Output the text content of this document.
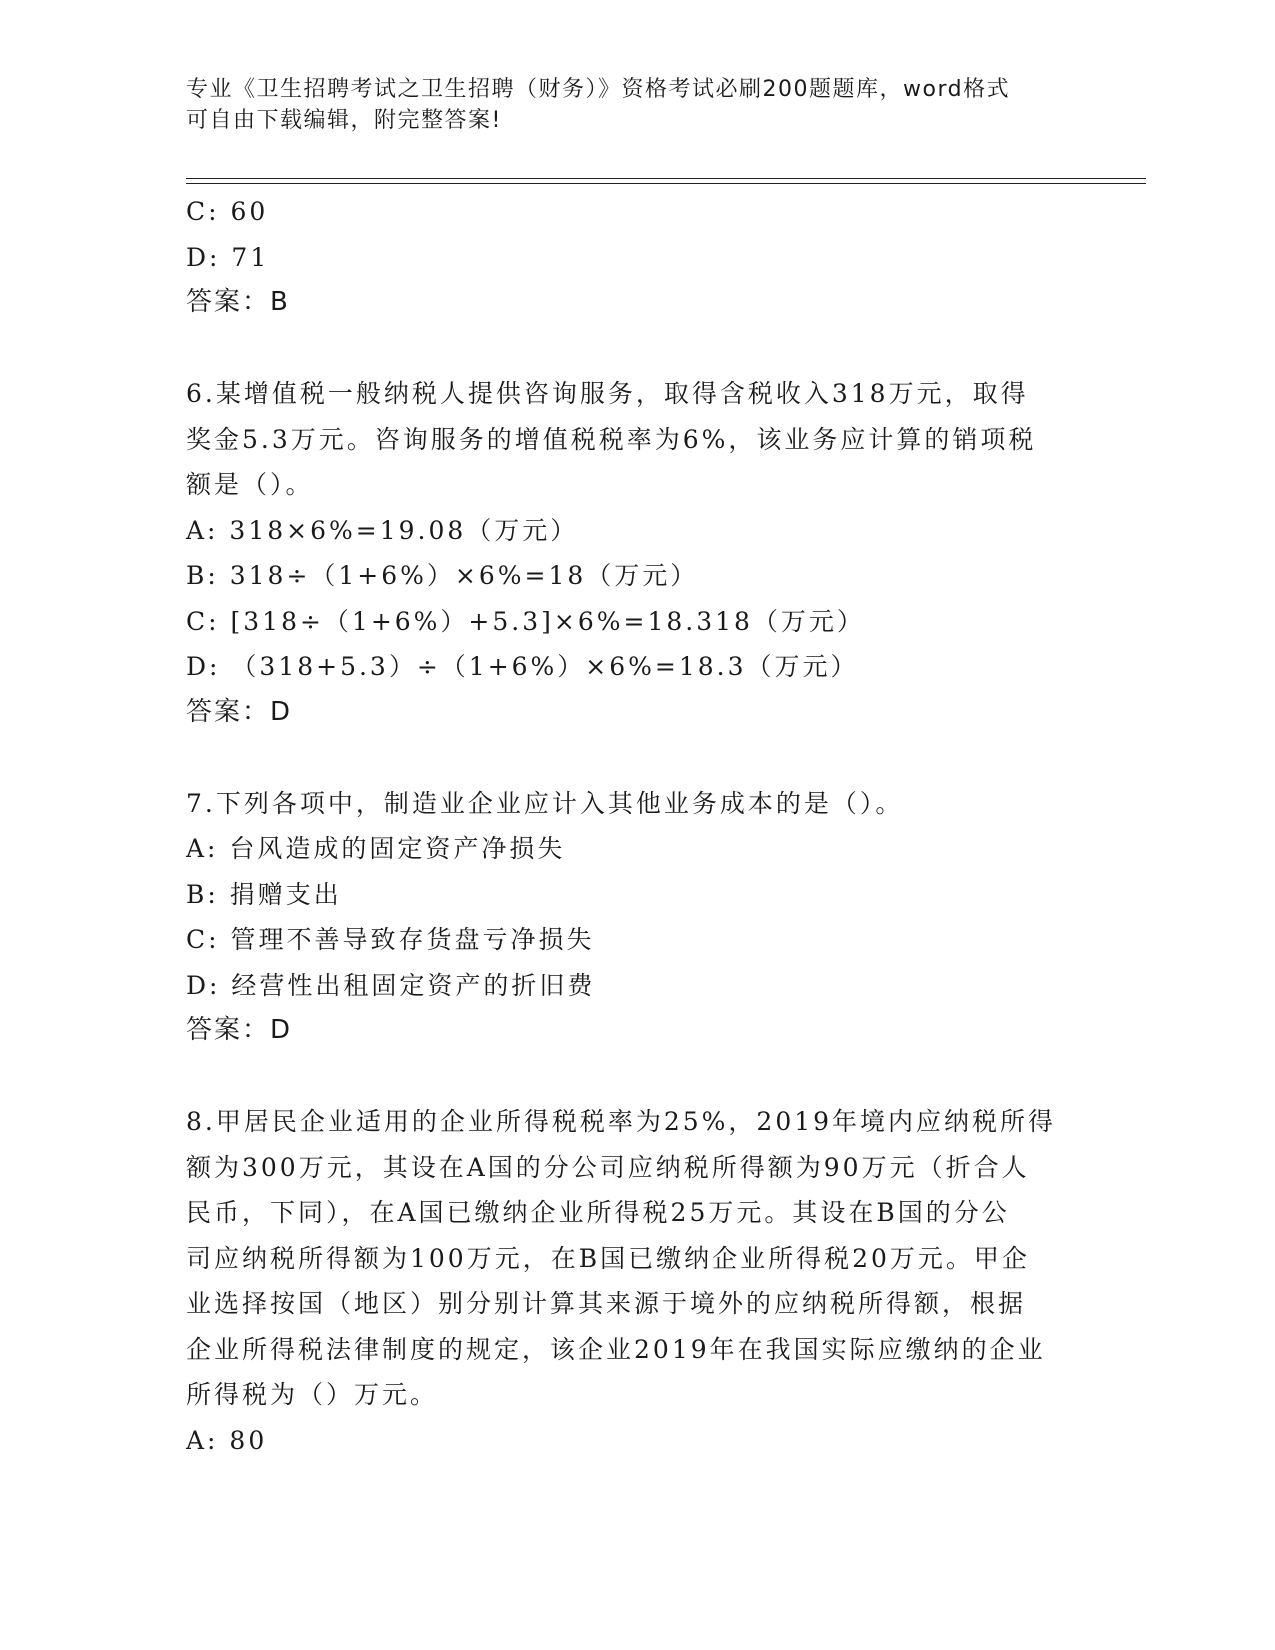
专业《卫生招聘考试之卫生招聘（财务）》资格考试必刷200题题库，word格式
可自由下载编辑，附完整答案!
C: 60
D: 71
答案：B
6.某增值税一般纳税人提供咨询服务，取得含税收入318万元，取得
奖金5.3万元。咨询服务的增值税税率为6%，该业务应计算的销项税
额是（）。
A: 318×6%=19.08（万元）
B: 318÷（1+6%）×6%=18（万元）
C: [318÷（1+6%）+5.3]×6%=18.318（万元）
D: （318+5.3）÷（1+6%）×6%=18.3（万元）
答案：D
7.下列各项中，制造业企业应计入其他业务成本的是（）。
A: 台风造成的固定资产净损失
B: 捐赠支出
C: 管理不善导致存货盘亏净损失
D: 经营性出租固定资产的折旧费
答案：D
8.甲居民企业适用的企业所得税税率为25%，2019年境内应纳税所得
额为300万元，其设在A国的分公司应纳税所得额为90万元（折合人
民币，下同），在A国已缴纳企业所得税25万元。其设在B国的分公
司应纳税所得额为100万元，在B国已缴纳企业所得税20万元。甲企
业选择按国（地区）别分别计算其来源于境外的应纳税所得额，根据
企业所得税法律制度的规定，该企业2019年在我国实际应缴纳的企业
所得税为（）万元。
A: 80
